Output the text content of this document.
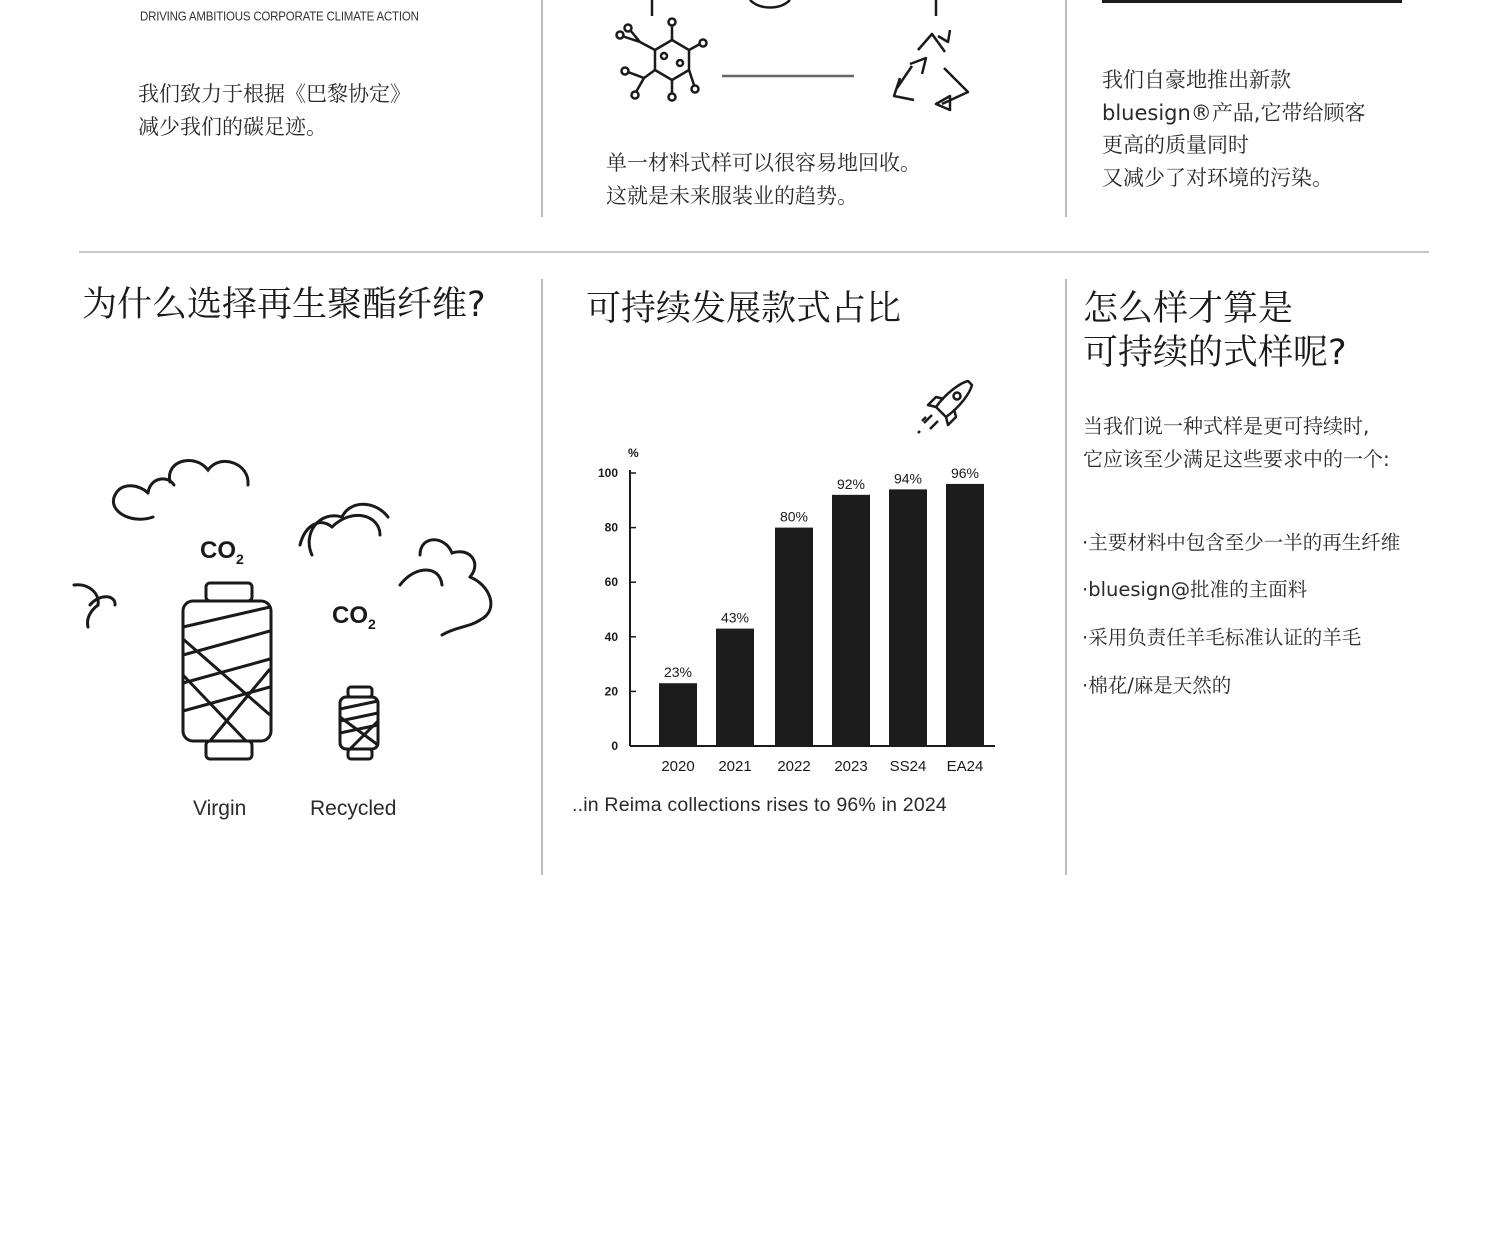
DRIVING AMBITIOUS CORPORATE CLIMATE ACTION
我们致力于根据《巴黎协定》
减少我们的碳足迹。
单一材料式样可以很容易地回收。
这就是未来服装业的趋势。
我们自豪地推出新款
bluesign®产品,它带给顾客
更高的质量同时
又减少了对环境的污染。
为什么选择再生聚酯纤维?
$CO_2$
$CO_2$
Virgin	Recycled
可持续发展款式占比
%
0
20
40
60
80
100
23%
2020
43%
2021
80%
2022
92%
2023
94%
SS24
96%
EA24
..in Reima collections rises to 96% in 2024
怎么样才算是
可持续的式样呢?
当我们说一种式样是更可持续时,
它应该至少满足这些要求中的一个:
·主要材料中包含至少一半的再生纤维
·bluesign@批准的主面料
·采用负责任羊毛标准认证的羊毛
·棉花/麻是天然的
